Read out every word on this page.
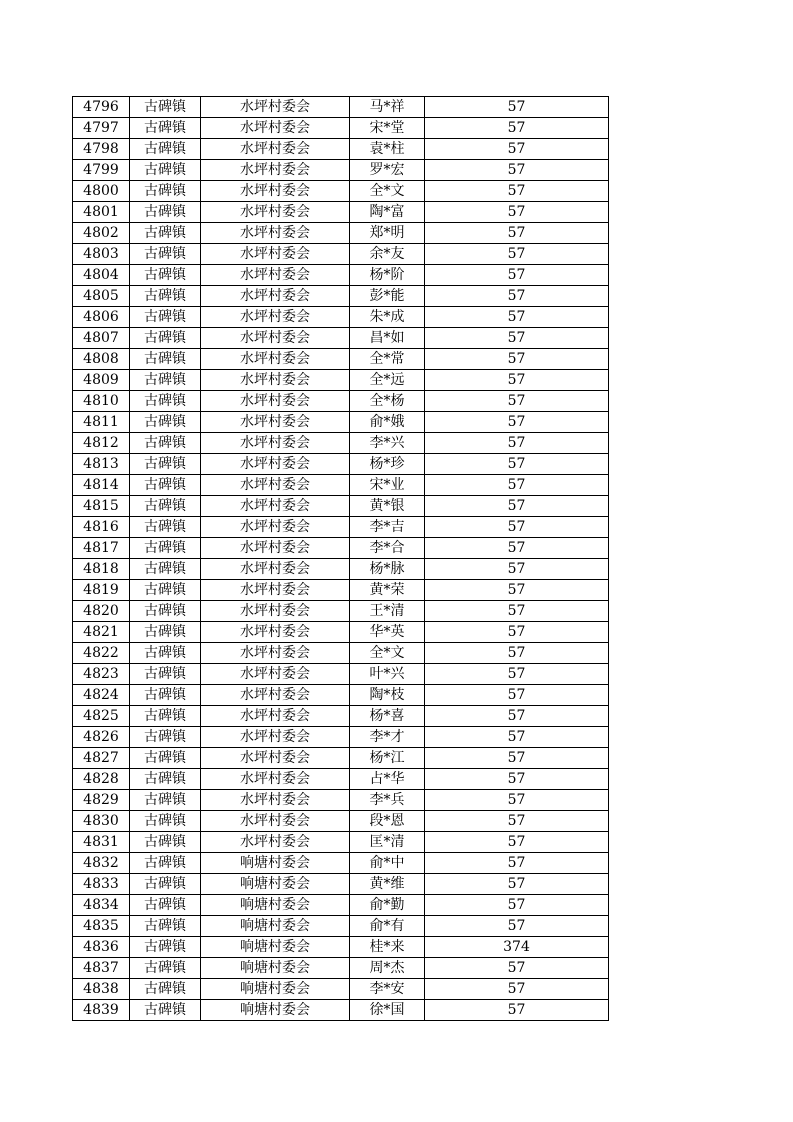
4796	古碑镇	水坪村委会	马*祥	57
4797	古碑镇	水坪村委会	宋*堂	57
4798	古碑镇	水坪村委会	袁*柱	57
4799	古碑镇	水坪村委会	罗*宏	57
4800	古碑镇	水坪村委会	全*文	57
4801	古碑镇	水坪村委会	陶*富	57
4802	古碑镇	水坪村委会	郑*明	57
4803	古碑镇	水坪村委会	余*友	57
4804	古碑镇	水坪村委会	杨*阶	57
4805	古碑镇	水坪村委会	彭*能	57
4806	古碑镇	水坪村委会	朱*成	57
4807	古碑镇	水坪村委会	昌*如	57
4808	古碑镇	水坪村委会	全*常	57
4809	古碑镇	水坪村委会	全*远	57
4810	古碑镇	水坪村委会	全*杨	57
4811	古碑镇	水坪村委会	俞*娥	57
4812	古碑镇	水坪村委会	李*兴	57
4813	古碑镇	水坪村委会	杨*珍	57
4814	古碑镇	水坪村委会	宋*业	57
4815	古碑镇	水坪村委会	黄*银	57
4816	古碑镇	水坪村委会	李*吉	57
4817	古碑镇	水坪村委会	李*合	57
4818	古碑镇	水坪村委会	杨*脉	57
4819	古碑镇	水坪村委会	黄*荣	57
4820	古碑镇	水坪村委会	王*清	57
4821	古碑镇	水坪村委会	华*英	57
4822	古碑镇	水坪村委会	全*文	57
4823	古碑镇	水坪村委会	叶*兴	57
4824	古碑镇	水坪村委会	陶*枝	57
4825	古碑镇	水坪村委会	杨*喜	57
4826	古碑镇	水坪村委会	李*才	57
4827	古碑镇	水坪村委会	杨*江	57
4828	古碑镇	水坪村委会	占*华	57
4829	古碑镇	水坪村委会	李*兵	57
4830	古碑镇	水坪村委会	段*恩	57
4831	古碑镇	水坪村委会	匡*清	57
4832	古碑镇	响塘村委会	俞*中	57
4833	古碑镇	响塘村委会	黄*维	57
4834	古碑镇	响塘村委会	俞*勤	57
4835	古碑镇	响塘村委会	俞*有	57
4836	古碑镇	响塘村委会	桂*来	374
4837	古碑镇	响塘村委会	周*杰	57
4838	古碑镇	响塘村委会	李*安	57
4839	古碑镇	响塘村委会	徐*国	57
